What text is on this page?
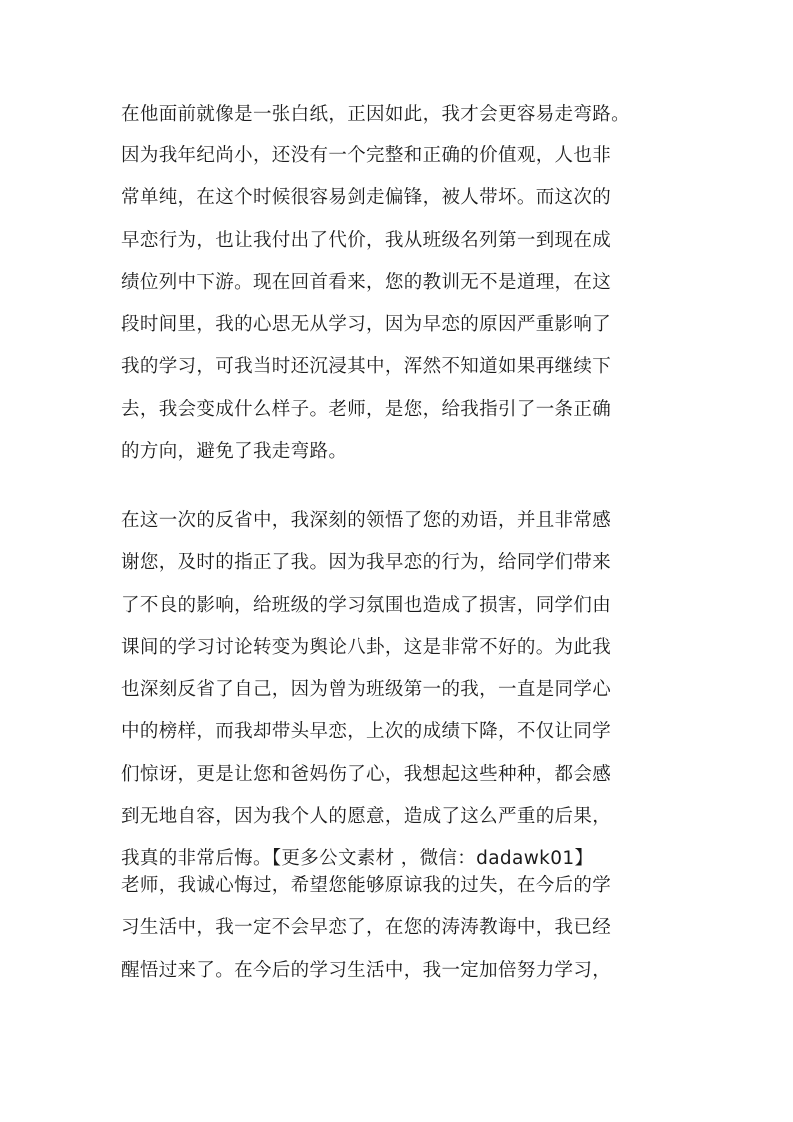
在他面前就像是一张白纸，正因如此，我才会更容易走弯路。

因为我年纪尚小，还没有一个完整和正确的价值观，人也非
常单纯，在这个时候很容易剑走偏锋，被人带坏。而这次的
早恋行为，也让我付出了代价，我从班级名列第一到现在成
绩位列中下游。现在回首看来，您的教训无不是道理，在这
段时间里，我的心思无从学习，因为早恋的原因严重影响了
我的学习，可我当时还沉浸其中，浑然不知道如果再继续下
去，我会变成什么样子。老师，是您，给我指引了一条正确
的方向，避免了我走弯路。

在这一次的反省中，我深刻的领悟了您的劝语，并且非常感
谢您，及时的指正了我。因为我早恋的行为，给同学们带来
了不良的影响，给班级的学习氛围也造成了损害，同学们由
课间的学习讨论转变为舆论八卦，这是非常不好的。为此我
也深刻反省了自己，因为曾为班级第一的我，一直是同学心
中的榜样，而我却带头早恋，上次的成绩下降，不仅让同学
们惊讶，更是让您和爸妈伤了心，我想起这些种种，都会感
到无地自容，因为我个人的愿意，造成了这么严重的后果，
我真的非常后悔。【更多公文素材 ，微信：dadawk01】

老师，我诚心悔过，希望您能够原谅我的过失，在今后的学
习生活中，我一定不会早恋了，在您的涛涛教诲中，我已经
醒悟过来了。在今后的学习生活中，我一定加倍努力学习，
